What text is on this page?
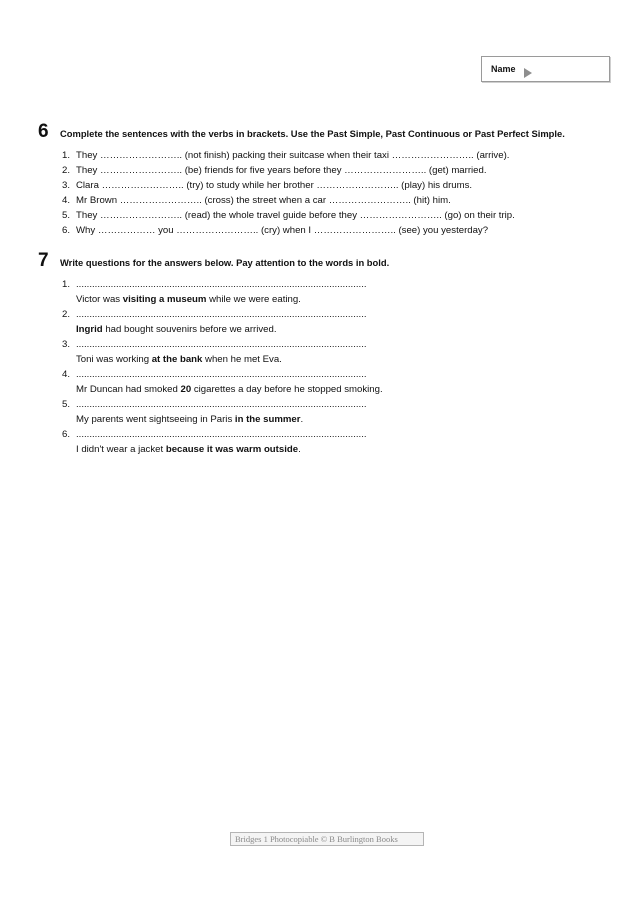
Name
6	Complete the sentences with the verbs in brackets. Use the Past Simple, Past Continuous or Past Perfect Simple.
1. They …………………….. (not finish) packing their suitcase when their taxi …………………….. (arrive).
2. They …………………….. (be) friends for five years before they …………………….. (get) married.
3. Clara …………………….. (try) to study while her brother …………………….. (play) his drums.
4. Mr Brown …………………….. (cross) the street when a car …………………….. (hit) him.
5. They …………………….. (read) the whole travel guide before they …………………….. (go) on their trip.
6. Why ……………… you …………………….. (cry) when I …………………….. (see) you yesterday?
7	Write questions for the answers below. Pay attention to the words in bold.
1. .............................................................................................................
Victor was visiting a museum while we were eating.
2. .............................................................................................................
Ingrid had bought souvenirs before we arrived.
3. .............................................................................................................
Toni was working at the bank when he met Eva.
4. .............................................................................................................
Mr Duncan had smoked 20 cigarettes a day before he stopped smoking.
5. .............................................................................................................
My parents went sightseeing in Paris in the summer.
6. .............................................................................................................
I didn't wear a jacket because it was warm outside.
Bridges 1 Photocopiable © B Burlington Books
